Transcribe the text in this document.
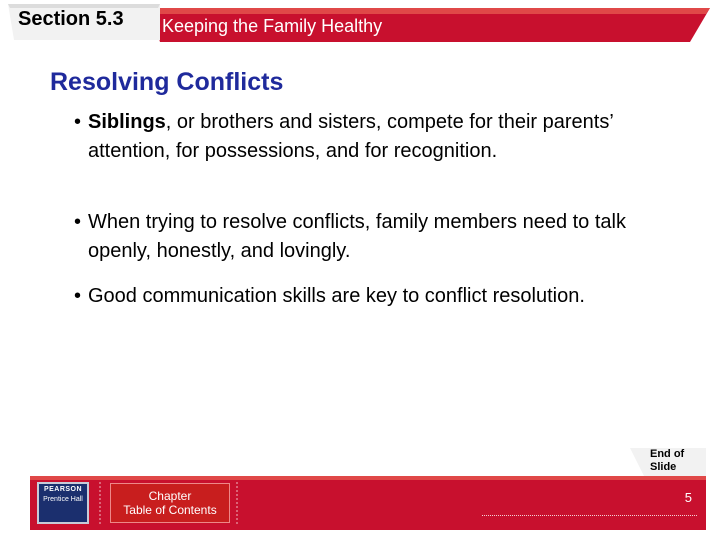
Section 5.3	Keeping the Family Healthy
Resolving Conflicts
• Siblings, or brothers and sisters, compete for their parents’ attention, for possessions, and for recognition.
• When trying to resolve conflicts, family members need to talk openly, honestly, and lovingly.
• Good communication skills are key to conflict resolution.
End of
Slide
PEARSON
Prentice Hall	Chapter
Table of Contents
5
